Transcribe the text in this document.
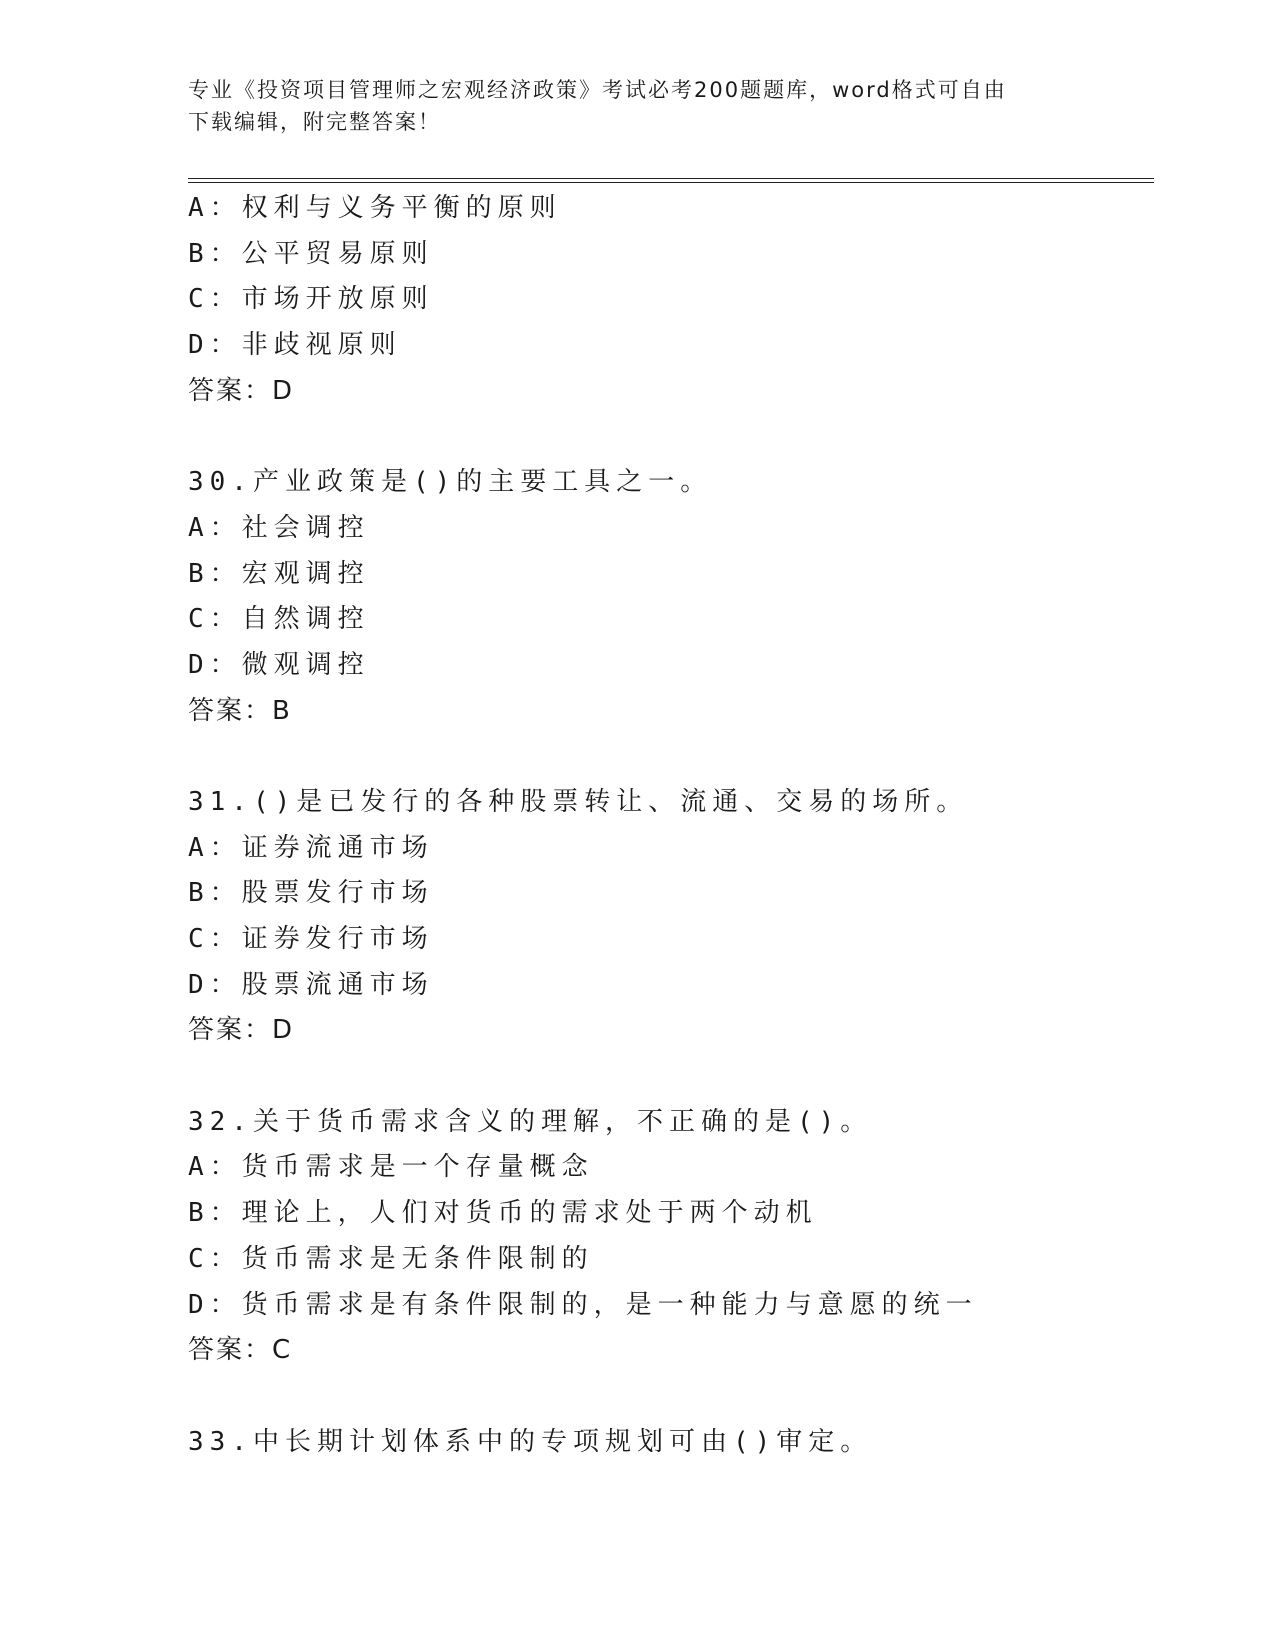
专业《投资项目管理师之宏观经济政策》考试必考200题题库，word格式可自由
下载编辑，附完整答案！
A：权利与义务平衡的原则
B：公平贸易原则
C：市场开放原则
D：非歧视原则
答案：D
30.产业政策是()的主要工具之一。
A：社会调控
B：宏观调控
C：自然调控
D：微观调控
答案：B
31.()是已发行的各种股票转让、流通、交易的场所。
A：证券流通市场
B：股票发行市场
C：证券发行市场
D：股票流通市场
答案：D
32.关于货币需求含义的理解，不正确的是()。
A：货币需求是一个存量概念
B：理论上，人们对货币的需求处于两个动机
C：货币需求是无条件限制的
D：货币需求是有条件限制的，是一种能力与意愿的统一
答案：C
33.中长期计划体系中的专项规划可由()审定。
